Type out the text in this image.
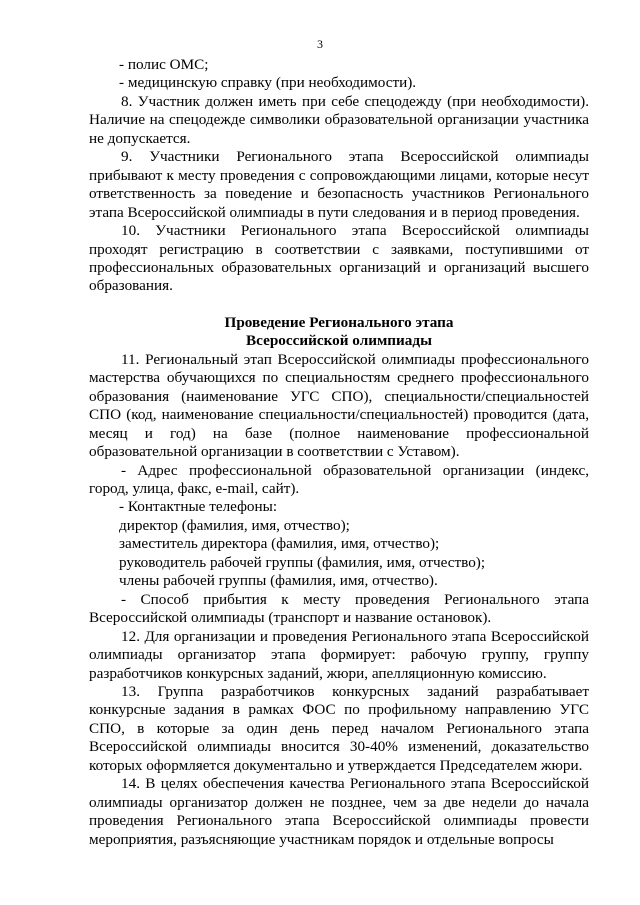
3

- полис ОМС;

- медицинскую справку (при необходимости).

8. Участник должен иметь при себе спецодежду (при необходимости). Наличие на спецодежде символики образовательной организации участника не допускается.

9. Участники Регионального этапа Всероссийской олимпиады прибывают к месту проведения с сопровождающими лицами, которые несут ответственность за поведение и безопасность участников Регионального этапа Всероссийской олимпиады в пути следования и в период проведения.

10. Участники Регионального этапа Всероссийской олимпиады проходят регистрацию в соответствии с заявками, поступившими от профессиональных образовательных организаций и организаций высшего образования.

Проведение Регионального этапа

Всероссийской олимпиады

11. Региональный этап Всероссийской олимпиады профессионального мастерства обучающихся по специальностям среднего профессионального образования (наименование УГС СПО), специальности/специальностей СПО (код, наименование специальности/специальностей) проводится (дата, месяц и год) на базе (полное наименование профессиональной образовательной организации в соответствии с Уставом).

- Адрес профессиональной образовательной организации (индекс, город, улица, факс, e-mail, сайт).

- Контактные телефоны:

директор (фамилия, имя, отчество);

заместитель директора (фамилия, имя, отчество);

руководитель рабочей группы (фамилия, имя, отчество);

члены рабочей группы (фамилия, имя, отчество).

- Способ прибытия к месту проведения Регионального этапа Всероссийской олимпиады (транспорт и название остановок).

12. Для организации и проведения Регионального этапа Всероссийской олимпиады организатор этапа формирует: рабочую группу, группу разработчиков конкурсных заданий, жюри, апелляционную комиссию.

13. Группа разработчиков конкурсных заданий разрабатывает конкурсные задания в рамках ФОС по профильному направлению УГС СПО, в которые за один день перед началом Регионального этапа Всероссийской олимпиады вносится 30-40% изменений, доказательство которых оформляется документально и утверждается Председателем жюри.

14. В целях обеспечения качества Регионального этапа Всероссийской олимпиады организатор должен не позднее, чем за две недели до начала проведения Регионального этапа Всероссийской олимпиады провести мероприятия, разъясняющие участникам порядок и отдельные вопросы
